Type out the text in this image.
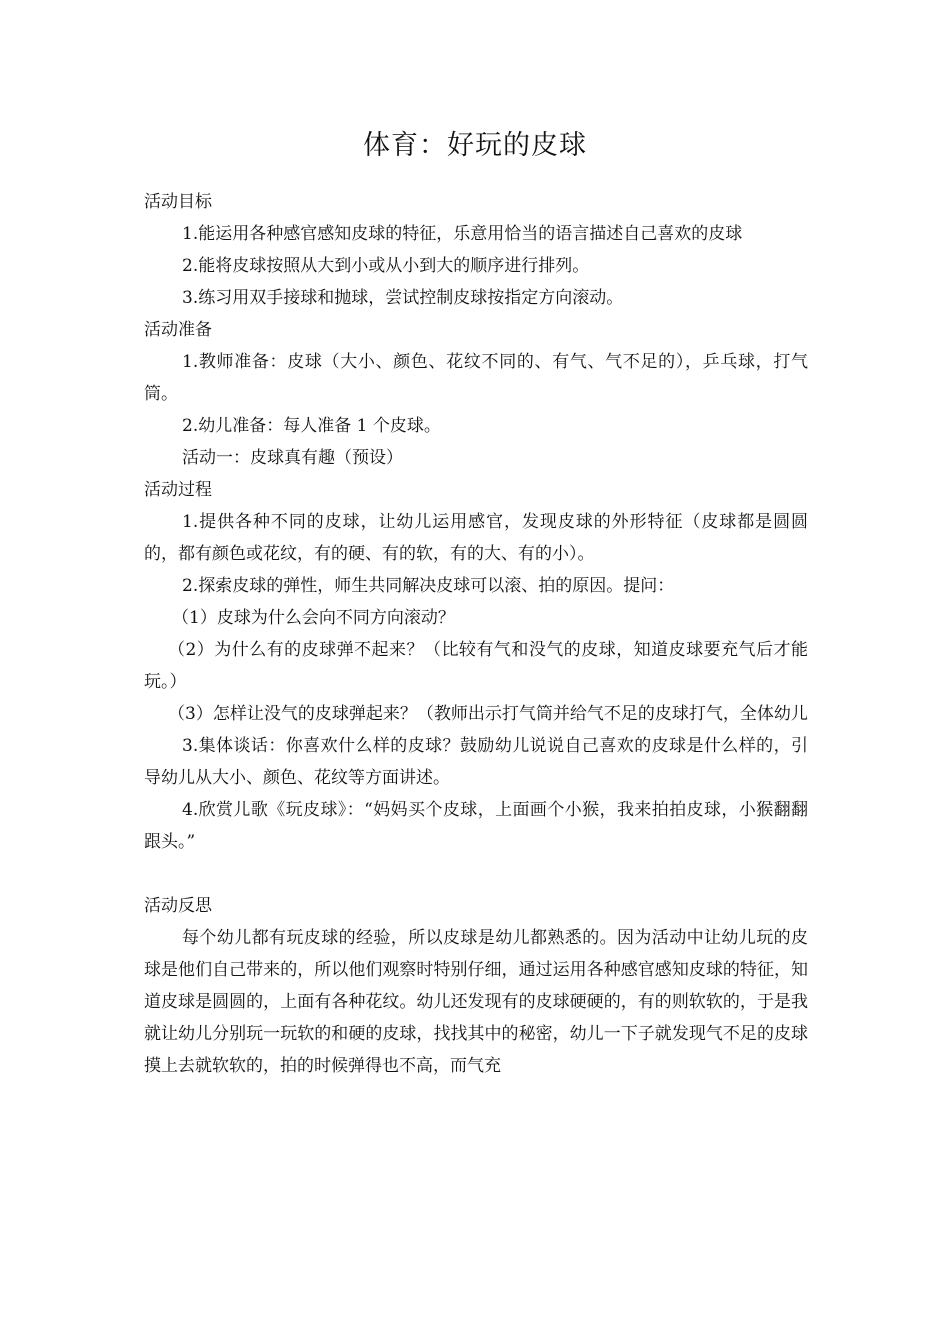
体育：好玩的皮球

活动目标

1.能运用各种感官感知皮球的特征，乐意用恰当的语言描述自己喜欢的皮球

2.能将皮球按照从大到小或从小到大的顺序进行排列。

3.练习用双手接球和抛球，尝试控制皮球按指定方向滚动。

活动准备

1.教师准备：皮球（大小、颜色、花纹不同的、有气、气不足的），乒乓球，打气筒。

2.幼儿准备：每人准备 1 个皮球。

活动一：皮球真有趣（预设）

活动过程

1.提供各种不同的皮球，让幼儿运用感官，发现皮球的外形特征（皮球都是圆圆的，都有颜色或花纹，有的硬、有的软，有的大、有的小）。

2.探索皮球的弹性，师生共同解决皮球可以滚、拍的原因。提问：

（1）皮球为什么会向不同方向滚动？

（2）为什么有的皮球弹不起来？（比较有气和没气的皮球，知道皮球要充气后才能玩。）

（3）怎样让没气的皮球弹起来？（教师出示打气筒并给气不足的皮球打气，全体幼儿

3.集体谈话：你喜欢什么样的皮球？鼓励幼儿说说自己喜欢的皮球是什么样的，引导幼儿从大小、颜色、花纹等方面讲述。

4.欣赏儿歌《玩皮球》：“妈妈买个皮球，上面画个小猴，我来拍拍皮球，小猴翻翻跟头。”

活动反思

每个幼儿都有玩皮球的经验，所以皮球是幼儿都熟悉的。因为活动中让幼儿玩的皮球是他们自己带来的，所以他们观察时特别仔细，通过运用各种感官感知皮球的特征，知道皮球是圆圆的，上面有各种花纹。幼儿还发现有的皮球硬硬的，有的则软软的，于是我就让幼儿分别玩一玩软的和硬的皮球，找找其中的秘密，幼儿一下子就发现气不足的皮球摸上去就软软的，拍的时候弹得也不高，而气充
